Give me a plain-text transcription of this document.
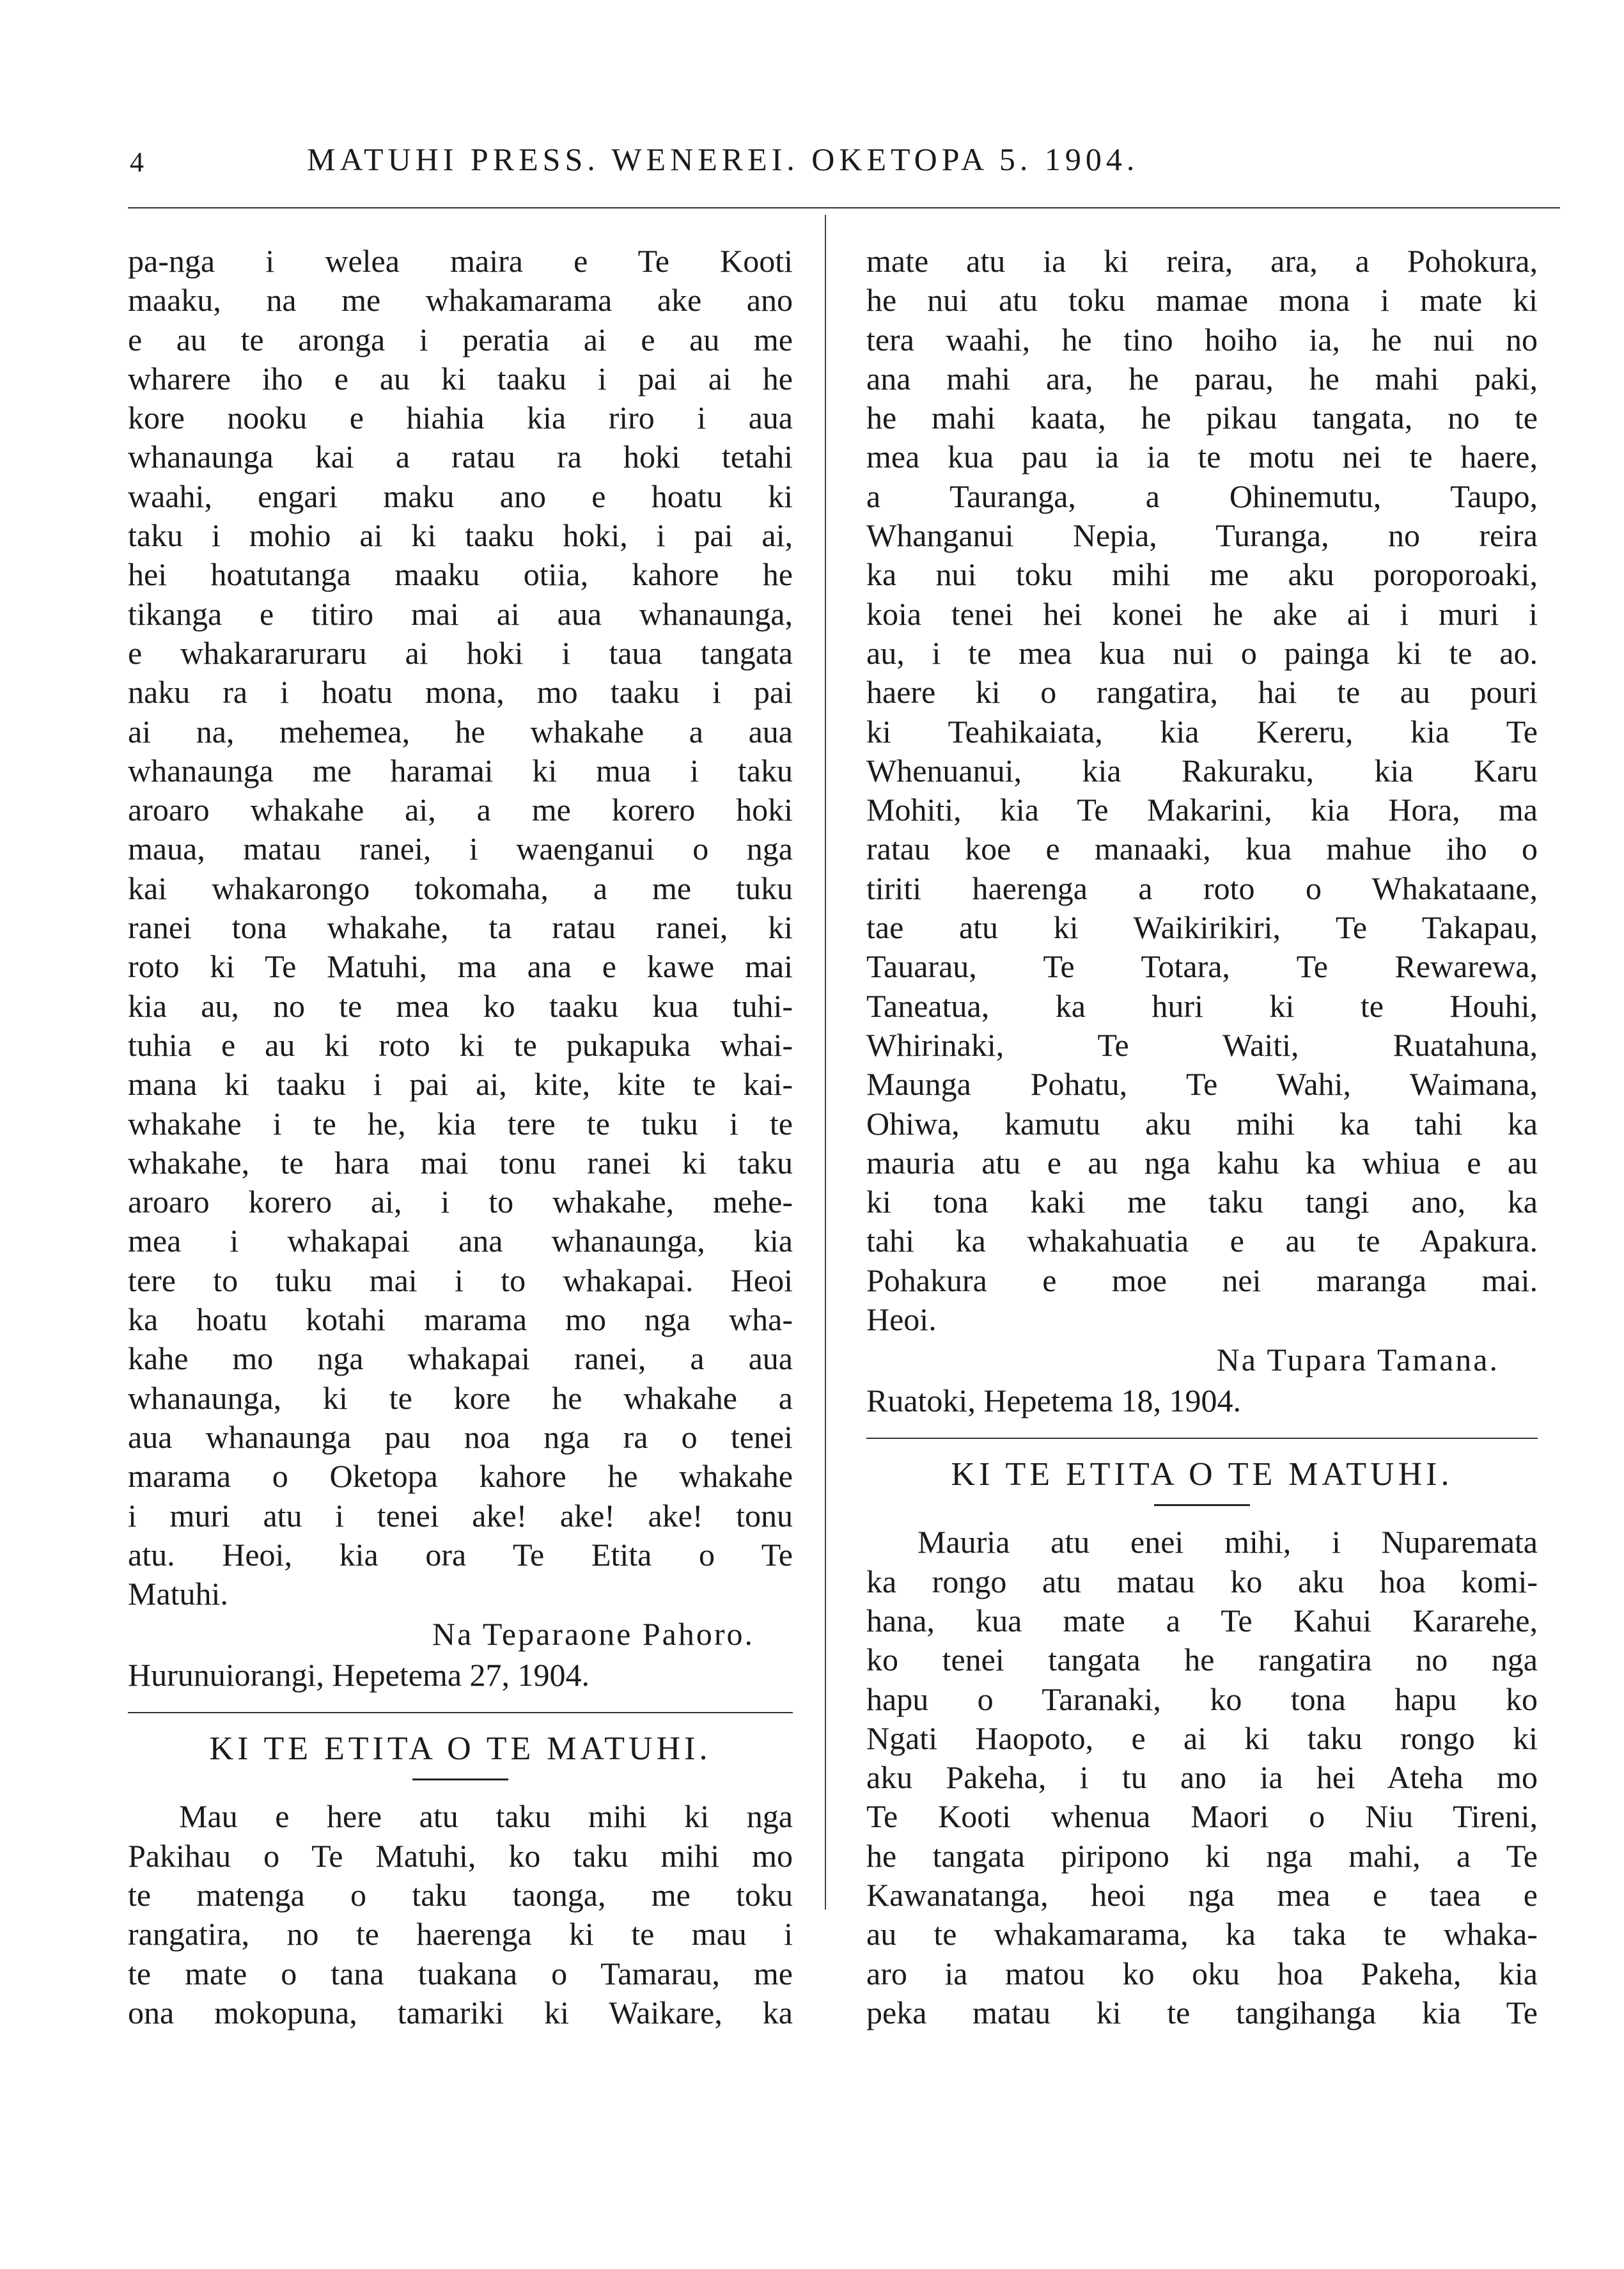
4	MATUHI PRESS. WENEREI. OKETOPA 5. 1904.
pa-nga i welea maira e Te Kooti
maaku, na me whakamarama ake ano
e au te aronga i peratia ai e au me
wharere iho e au ki taaku i pai ai he
kore nooku e hiahia kia riro i aua
whanaunga kai a ratau ra hoki tetahi
waahi, engari maku ano e hoatu ki
taku i mohio ai ki taaku hoki, i pai ai,
hei hoatutanga maaku otiia, kahore he
tikanga e titiro mai ai aua whanaunga,
e whakararuraru ai hoki i taua tangata
naku ra i hoatu mona, mo taaku i pai
ai na, mehemea, he whakahe a aua
whanaunga me haramai ki mua i taku
aroaro whakahe ai, a me korero hoki
maua, matau ranei, i waenganui o nga
kai whakarongo tokomaha, a me tuku
ranei tona whakahe, ta ratau ranei, ki
roto ki Te Matuhi, ma ana e kawe mai
kia au, no te mea ko taaku kua tuhi-
tuhia e au ki roto ki te pukapuka whai-
mana ki taaku i pai ai, kite, kite te kai-
whakahe i te he, kia tere te tuku i te
whakahe, te hara mai tonu ranei ki taku
aroaro korero ai, i to whakahe, mehe-
mea i whakapai ana whanaunga, kia
tere to tuku mai i to whakapai. Heoi
ka hoatu kotahi marama mo nga wha-
kahe mo nga whakapai ranei, a aua
whanaunga, ki te kore he whakahe a
aua whanaunga pau noa nga ra o tenei
marama o Oketopa kahore he whakahe
i muri atu i tenei ake! ake! ake! tonu
atu. Heoi, kia ora Te Etita o Te
Matuhi.
Na Teparaone Pahoro.
Hurunuiorangi, Hepetema 27, 1904.
KI TE ETITA O TE MATUHI.
Mau e here atu taku mihi ki nga
Pakihau o Te Matuhi, ko taku mihi mo
te matenga o taku taonga, me toku
rangatira, no te haerenga ki te mau i
te mate o tana tuakana o Tamarau, me
ona mokopuna, tamariki ki Waikare, ka
mate atu ia ki reira, ara, a Pohokura,
he nui atu toku mamae mona i mate ki
tera waahi, he tino hoiho ia, he nui no
ana mahi ara, he parau, he mahi paki,
he mahi kaata, he pikau tangata, no te
mea kua pau ia ia te motu nei te haere,
a Tauranga, a Ohinemutu, Taupo,
Whanganui Nepia, Turanga, no reira
ka nui toku mihi me aku poroporoaki,
koia tenei hei konei he ake ai i muri i
au, i te mea kua nui o painga ki te ao.
haere ki o rangatira, hai te au pouri
ki Teahikaiata, kia Kereru, kia Te
Whenuanui, kia Rakuraku, kia Karu
Mohiti, kia Te Makarini, kia Hora, ma
ratau koe e manaaki, kua mahue iho o
tiriti haerenga a roto o Whakataane,
tae atu ki Waikirikiri, Te Takapau,
Tauarau, Te Totara, Te Rewarewa,
Taneatua, ka huri ki te Houhi,
Whirinaki, Te Waiti, Ruatahuna,
Maunga Pohatu, Te Wahi, Waimana,
Ohiwa, kamutu aku mihi ka tahi ka
mauria atu e au nga kahu ka whiua e au
ki tona kaki me taku tangi ano, ka
tahi ka whakahuatia e au te Apakura.
Pohakura e moe nei maranga mai.
Heoi.
Na Tupara Tamana.
Ruatoki, Hepetema 18, 1904.
KI TE ETITA O TE MATUHI.
Mauria atu enei mihi, i Nuparemata
ka rongo atu matau ko aku hoa komi-
hana, kua mate a Te Kahui Kararehe,
ko tenei tangata he rangatira no nga
hapu o Taranaki, ko tona hapu ko
Ngati Haopoto, e ai ki taku rongo ki
aku Pakeha, i tu ano ia hei Ateha mo
Te Kooti whenua Maori o Niu Tireni,
he tangata piripono ki nga mahi, a Te
Kawanatanga, heoi nga mea e taea e
au te whakamarama, ka taka te whaka-
aro ia matou ko oku hoa Pakeha, kia
peka matau ki te tangihanga kia Te
